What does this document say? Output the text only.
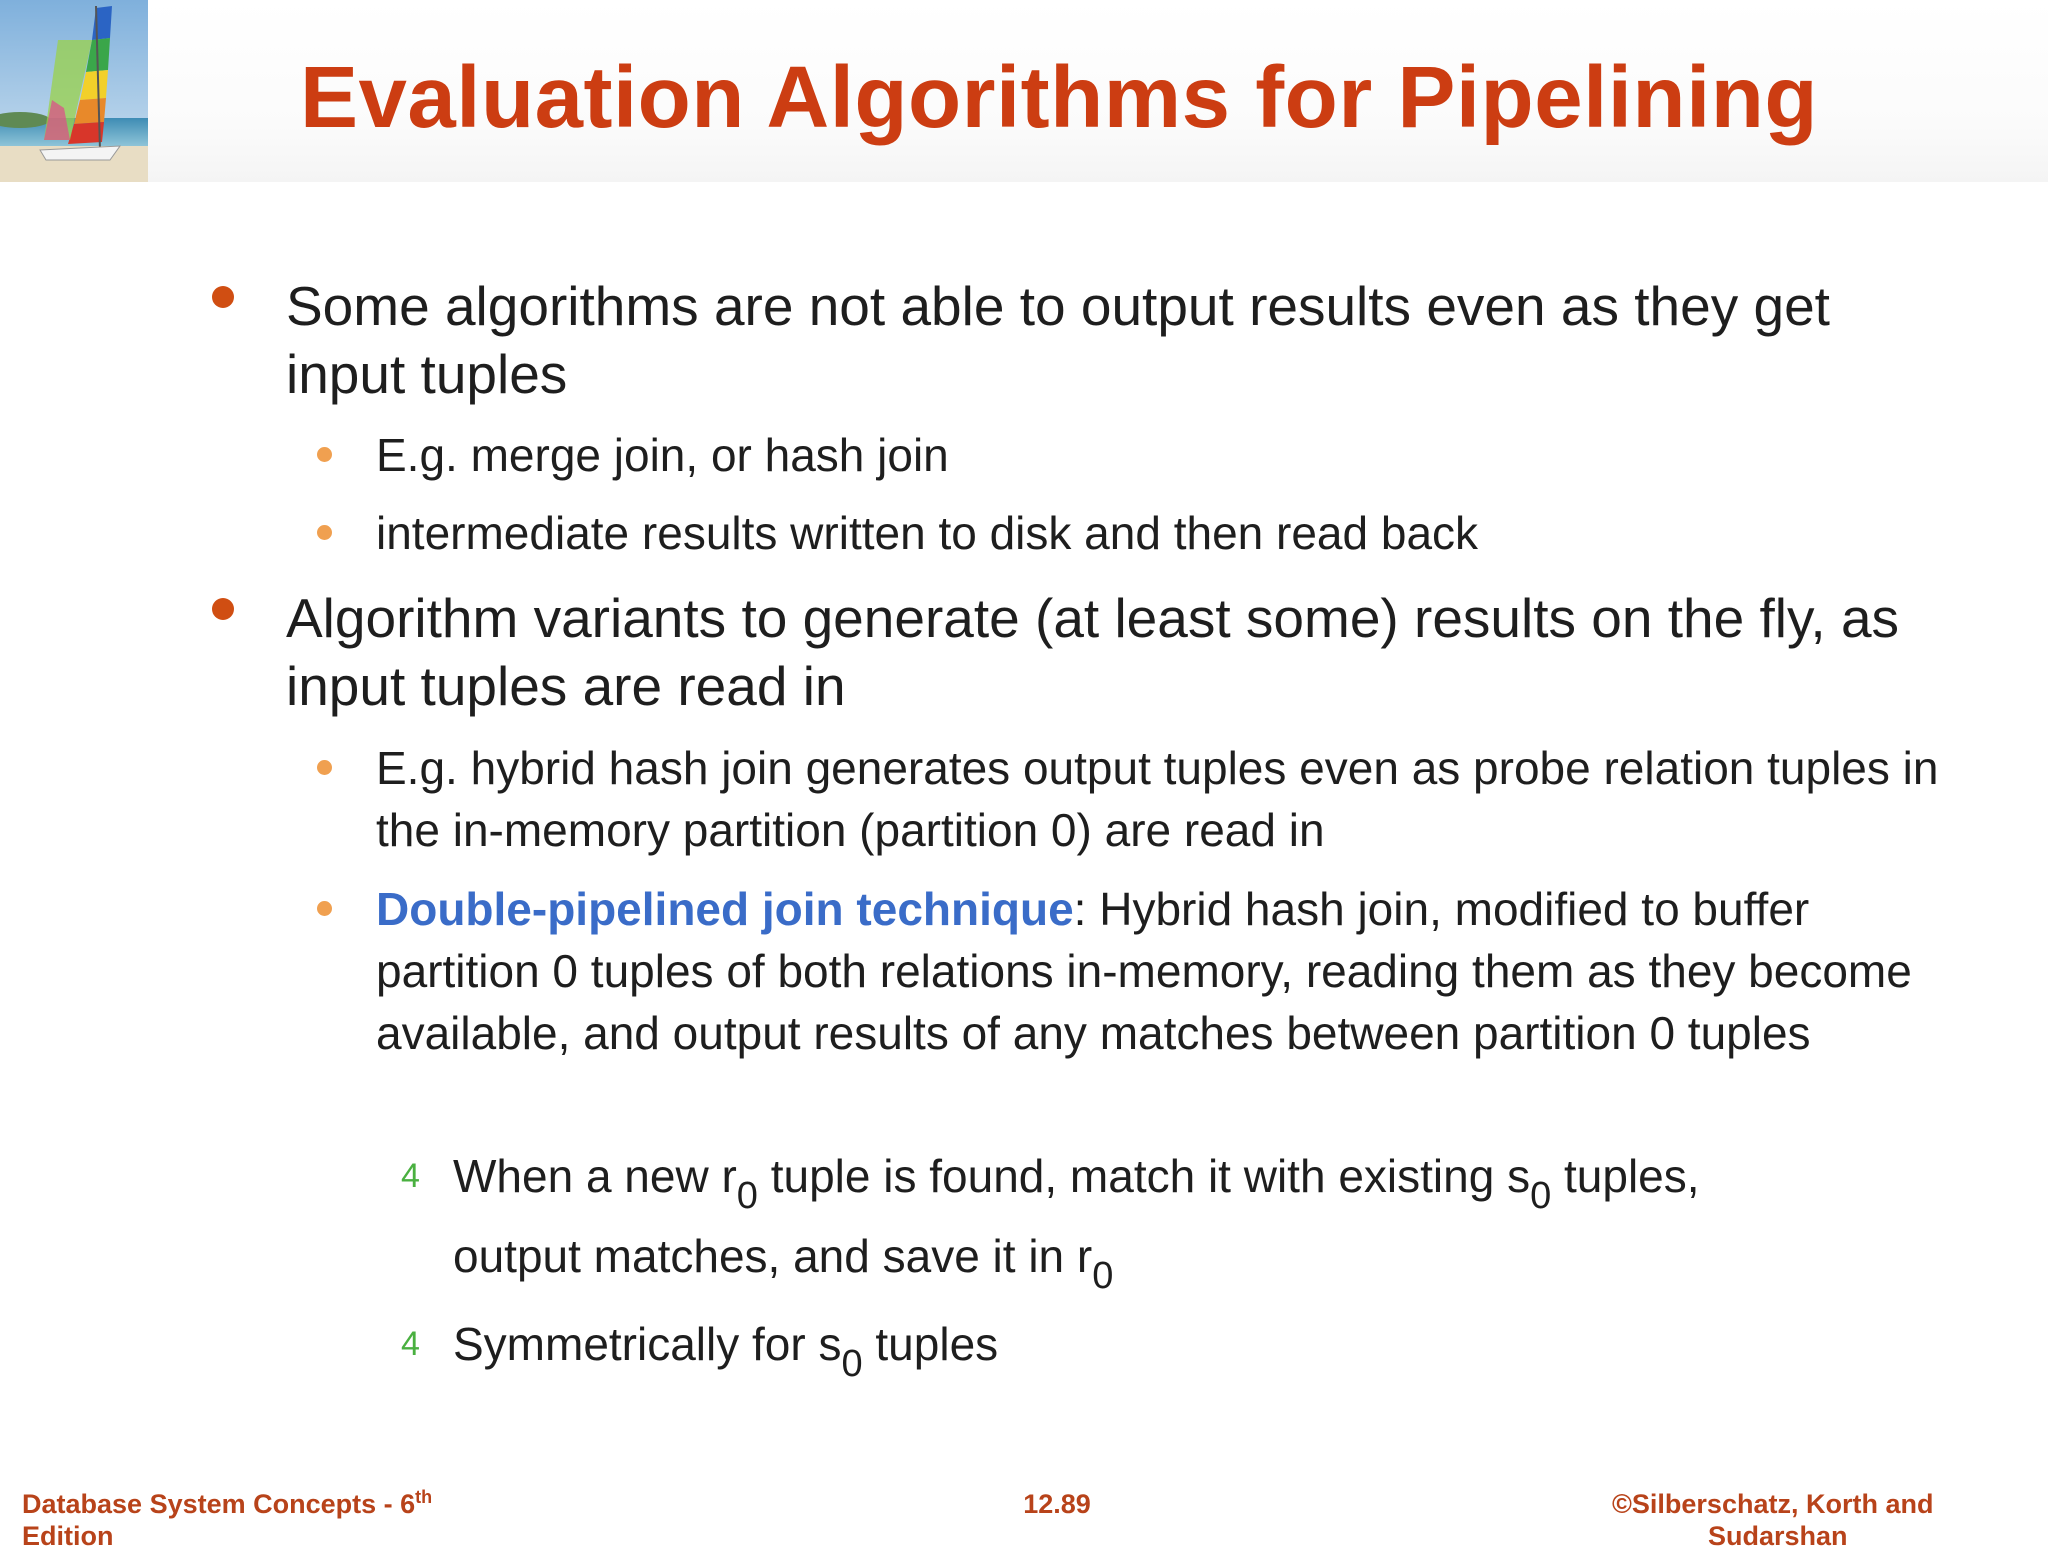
Evaluation Algorithms for Pipelining
Some algorithms are not able to output results even as they get input tuples
E.g. merge join, or hash join
intermediate results written to disk and then read back
Algorithm variants to generate (at least some) results on the fly, as input tuples are read in
E.g. hybrid hash join generates output tuples even as probe relation tuples in the in-memory partition (partition 0) are read in
Double-pipelined join technique: Hybrid hash join, modified to buffer partition 0 tuples of both relations in-memory, reading them as they become available, and output results of any matches between partition 0 tuples
4 When a new $r_0$ tuple is found, match it with existing $s_0$ tuples,
output matches, and save it in $r_0$
4 Symmetrically for $s_0$ tuples
Database System Concepts - 6th
Edition
12.89	©Silberschatz, Korth and
Sudarshan
